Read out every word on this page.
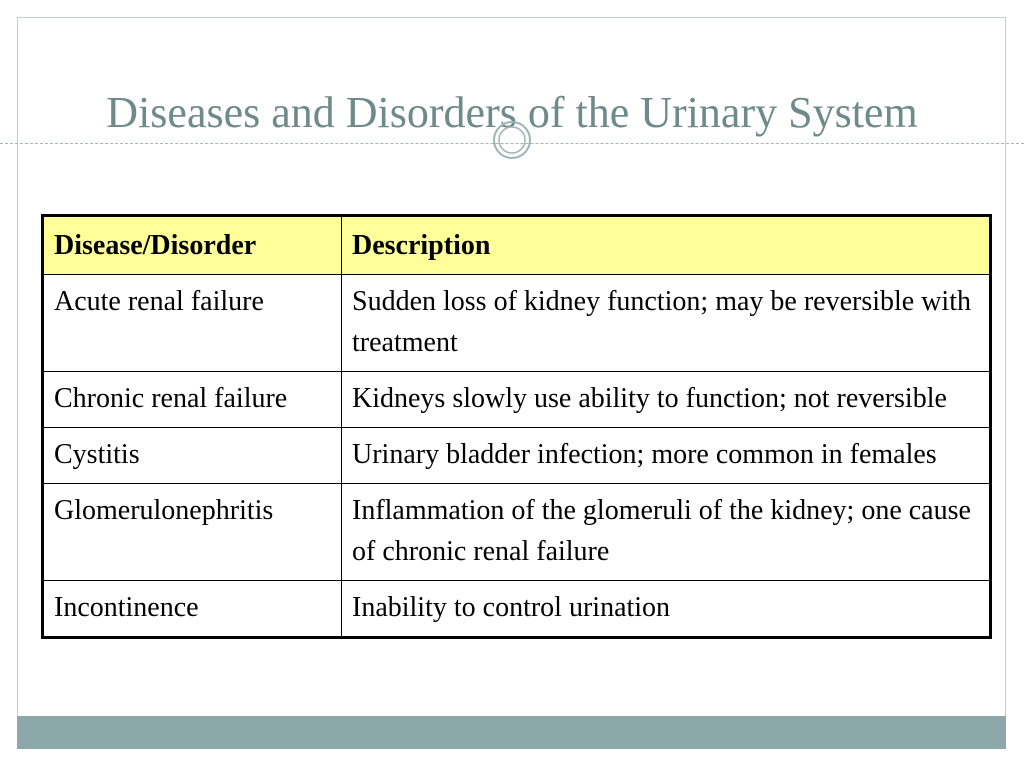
Diseases and Disorders of the Urinary System
Disease/Disorder	Description
Acute renal failure	Sudden loss of kidney function; may be reversible with treatment
Chronic renal failure	Kidneys slowly use ability to function; not reversible
Cystitis	Urinary bladder infection; more common in females
Glomerulonephritis	Inflammation of the glomeruli of the kidney; one cause of chronic renal failure
Incontinence	Inability to control urination
